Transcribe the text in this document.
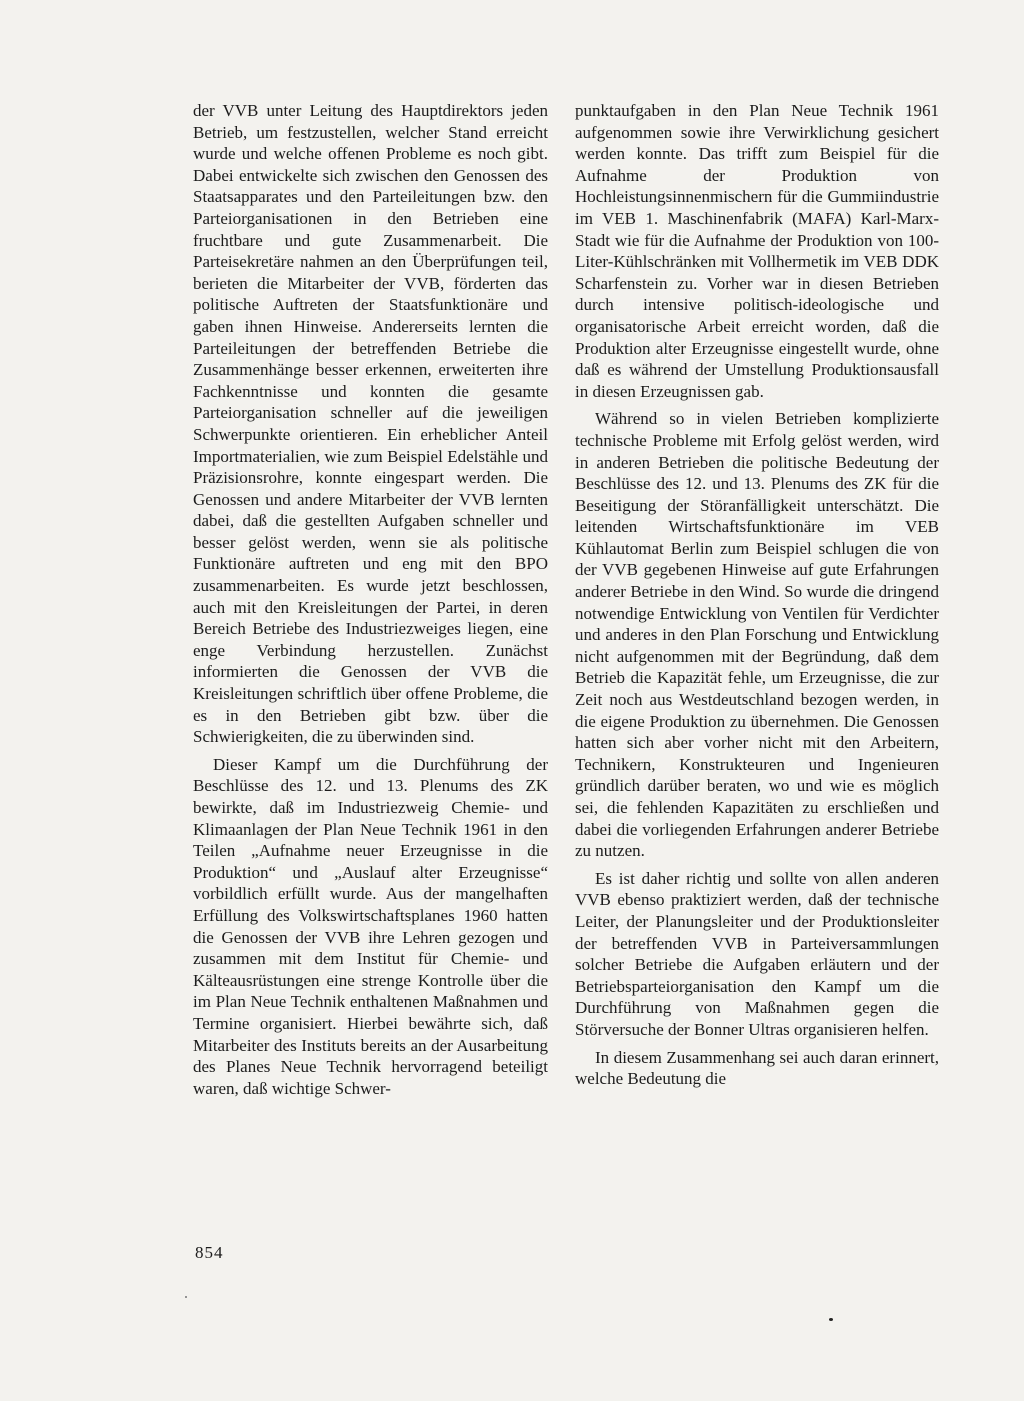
der VVB unter Leitung des Hauptdirektors jeden Betrieb, um festzustellen, welcher Stand erreicht wurde und welche offenen Probleme es noch gibt. Dabei entwickelte sich zwischen den Genossen des Staatsapparates und den Parteileitungen bzw. den Parteiorganisationen in den Betrieben eine fruchtbare und gute Zusammenarbeit. Die Parteisekretäre nahmen an den Überprüfungen teil, berieten die Mitarbeiter der VVB, förderten das politische Auftreten der Staatsfunktionäre und gaben ihnen Hinweise. Andererseits lernten die Parteileitungen der betreffenden Betriebe die Zusammenhänge besser erkennen, erweiterten ihre Fachkenntnisse und konnten die gesamte Parteiorganisation schneller auf die jeweiligen Schwerpunkte orientieren. Ein erheblicher Anteil Importmaterialien, wie zum Beispiel Edelstähle und Präzisionsrohre, konnte eingespart werden. Die Genossen und andere Mitarbeiter der VVB lernten dabei, daß die gestellten Aufgaben schneller und besser gelöst werden, wenn sie als politische Funktionäre auftreten und eng mit den BPO zusammenarbeiten. Es wurde jetzt beschlossen, auch mit den Kreisleitungen der Partei, in deren Bereich Betriebe des Industriezweiges liegen, eine enge Verbindung herzustellen. Zunächst informierten die Genossen der VVB die Kreisleitungen schriftlich über offene Probleme, die es in den Betrieben gibt bzw. über die Schwierigkeiten, die zu überwinden sind.

Dieser Kampf um die Durchführung der Beschlüsse des 12. und 13. Plenums des ZK bewirkte, daß im Industriezweig Chemie- und Klimaanlagen der Plan Neue Technik 1961 in den Teilen „Aufnahme neuer Erzeugnisse in die Produktion“ und „Auslauf alter Erzeugnisse“ vorbildlich erfüllt wurde. Aus der mangelhaften Erfüllung des Volkswirtschaftsplanes 1960 hatten die Genossen der VVB ihre Lehren gezogen und zusammen mit dem Institut für Chemie- und Kälteausrüstungen eine strenge Kontrolle über die im Plan Neue Technik enthaltenen Maßnahmen und Termine organisiert. Hierbei bewährte sich, daß Mitarbeiter des Instituts bereits an der Ausarbeitung des Planes Neue Technik hervorragend beteiligt waren, daß wichtige Schwer-

punktaufgaben in den Plan Neue Technik 1961 aufgenommen sowie ihre Verwirklichung gesichert werden konnte. Das trifft zum Beispiel für die Aufnahme der Produktion von Hochleistungsinnenmischern für die Gummiindustrie im VEB 1. Maschinenfabrik (MAFA) Karl-Marx-Stadt wie für die Aufnahme der Produktion von 100-Liter-Kühlschränken mit Vollhermetik im VEB DDK Scharfenstein zu. Vorher war in diesen Betrieben durch intensive politisch-ideologische und organisatorische Arbeit erreicht worden, daß die Produktion alter Erzeugnisse eingestellt wurde, ohne daß es während der Umstellung Produktionsausfall in diesen Erzeugnissen gab.

Während so in vielen Betrieben komplizierte technische Probleme mit Erfolg gelöst werden, wird in anderen Betrieben die politische Bedeutung der Beschlüsse des 12. und 13. Plenums des ZK für die Beseitigung der Störanfälligkeit unterschätzt. Die leitenden Wirtschaftsfunktionäre im VEB Kühlautomat Berlin zum Beispiel schlugen die von der VVB gegebenen Hinweise auf gute Erfahrungen anderer Betriebe in den Wind. So wurde die dringend notwendige Entwicklung von Ventilen für Verdichter und anderes in den Plan Forschung und Entwicklung nicht aufgenommen mit der Begründung, daß dem Betrieb die Kapazität fehle, um Erzeugnisse, die zur Zeit noch aus Westdeutschland bezogen werden, in die eigene Produktion zu übernehmen. Die Genossen hatten sich aber vorher nicht mit den Arbeitern, Technikern, Konstrukteuren und Ingenieuren gründlich darüber beraten, wo und wie es möglich sei, die fehlenden Kapazitäten zu erschließen und dabei die vorliegenden Erfahrungen anderer Betriebe zu nutzen.

Es ist daher richtig und sollte von allen anderen VVB ebenso praktiziert werden, daß der technische Leiter, der Planungsleiter und der Produktionsleiter der betreffenden VVB in Parteiversammlungen solcher Betriebe die Aufgaben erläutern und der Betriebsparteiorganisation den Kampf um die Durchführung von Maßnahmen gegen die Störversuche der Bonner Ultras organisieren helfen.

In diesem Zusammenhang sei auch daran erinnert, welche Bedeutung die

854
